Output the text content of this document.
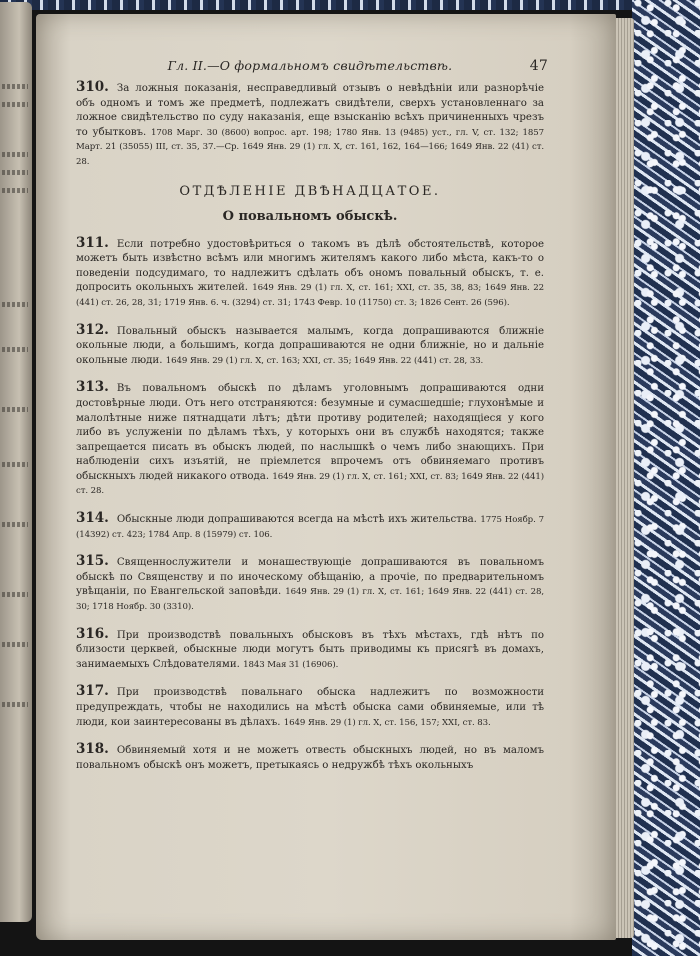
Гл. II.—О формальномъ свидѣтельствѣ.	47

310. За ложныя показанія, несправедливый отзывъ о невѣдѣніи или разнорѣчіе объ одномъ и томъ же предметѣ, подлежатъ свидѣтели, сверхъ установленнаго за ложное свидѣтельство по суду наказанія, еще взысканію всѣхъ причиненныхъ чрезъ то убытковъ. 1708 Марг. 30 (8600) вопрос. арт. 198; 1780 Янв. 13 (9485) уст., гл. V, ст. 132; 1857 Март. 21 (35055) III, ст. 35, 37.—Ср. 1649 Янв. 29 (1) гл. X, ст. 161, 162, 164—166; 1649 Янв. 22 (41) ст. 28.

ОТДѢЛЕНІЕ ДВѢНАДЦАТОЕ.
О повальномъ обыскѣ.

311. Если потребно удостовѣриться о такомъ въ дѣлѣ обстоятельствѣ, которое можетъ быть извѣстно всѣмъ или многимъ жителямъ какого либо мѣста, какъ-то о поведеніи подсудимаго, то надлежитъ сдѣлать объ ономъ повальный обыскъ, т. е. допросить окольныхъ жителей. 1649 Янв. 29 (1) гл. X, ст. 161; XXI, ст. 35, 38, 83; 1649 Янв. 22 (441) ст. 26, 28, 31; 1719 Янв. 6. ч. (3294) ст. 31; 1743 Февр. 10 (11750) ст. 3; 1826 Сент. 26 (596).

312. Повальный обыскъ называется малымъ, когда допрашиваются ближніе окольные люди, а большимъ, когда допрашиваются не одни ближніе, но и дальніе окольные люди. 1649 Янв. 29 (1) гл. X, ст. 163; XXI, ст. 35; 1649 Янв. 22 (441) ст. 28, 33.

313. Въ повальномъ обыскѣ по дѣламъ уголовнымъ допрашиваются одни достовѣрные люди. Отъ него отстраняются: безумные и сумасшедшіе; глухонѣмые и малолѣтные ниже пятнадцати лѣтъ; дѣти противу родителей; находящіеся у кого либо въ услуженіи по дѣламъ тѣхъ, у которыхъ они въ службѣ находятся; также запрещается писать въ обыскъ людей, по наслышкѣ о чемъ либо знающихъ. При наблюденіи сихъ изъятій, не пріемлется впрочемъ отъ обвиняемаго противъ обыскныхъ людей никакого отвода. 1649 Янв. 29 (1) гл. X, ст. 161; XXI, ст. 83; 1649 Янв. 22 (441) ст. 28.

314. Обыскные люди допрашиваются всегда на мѣстѣ ихъ жительства. 1775 Ноябр. 7 (14392) ст. 423; 1784 Апр. 8 (15979) ст. 106.

315. Священнослужители и монашествующіе допрашиваются въ повальномъ обыскѣ по Священству и по иноческому обѣщанію, а прочіе, по предварительномъ увѣщаніи, по Евангельской заповѣди. 1649 Янв. 29 (1) гл. X, ст. 161; 1649 Янв. 22 (441) ст. 28, 30; 1718 Ноябр. 30 (3310).

316. При производствѣ повальныхъ обысковъ въ тѣхъ мѣстахъ, гдѣ нѣтъ по близости церквей, обыскные люди могутъ быть приводимы къ присягѣ въ домахъ, занимаемыхъ Слѣдователями. 1843 Мая 31 (16906).

317. При производствѣ повальнаго обыска надлежитъ по возможности предупреждать, чтобы не находились на мѣстѣ обыска сами обвиняемые, или тѣ люди, кои заинтересованы въ дѣлахъ. 1649 Янв. 29 (1) гл. X, ст. 156, 157; XXI, ст. 83.

318. Обвиняемый хотя и не можетъ отвесть обыскныхъ людей, но въ маломъ повальномъ обыскѣ онъ можетъ, претыкаясь о недружбѣ тѣхъ окольныхъ
